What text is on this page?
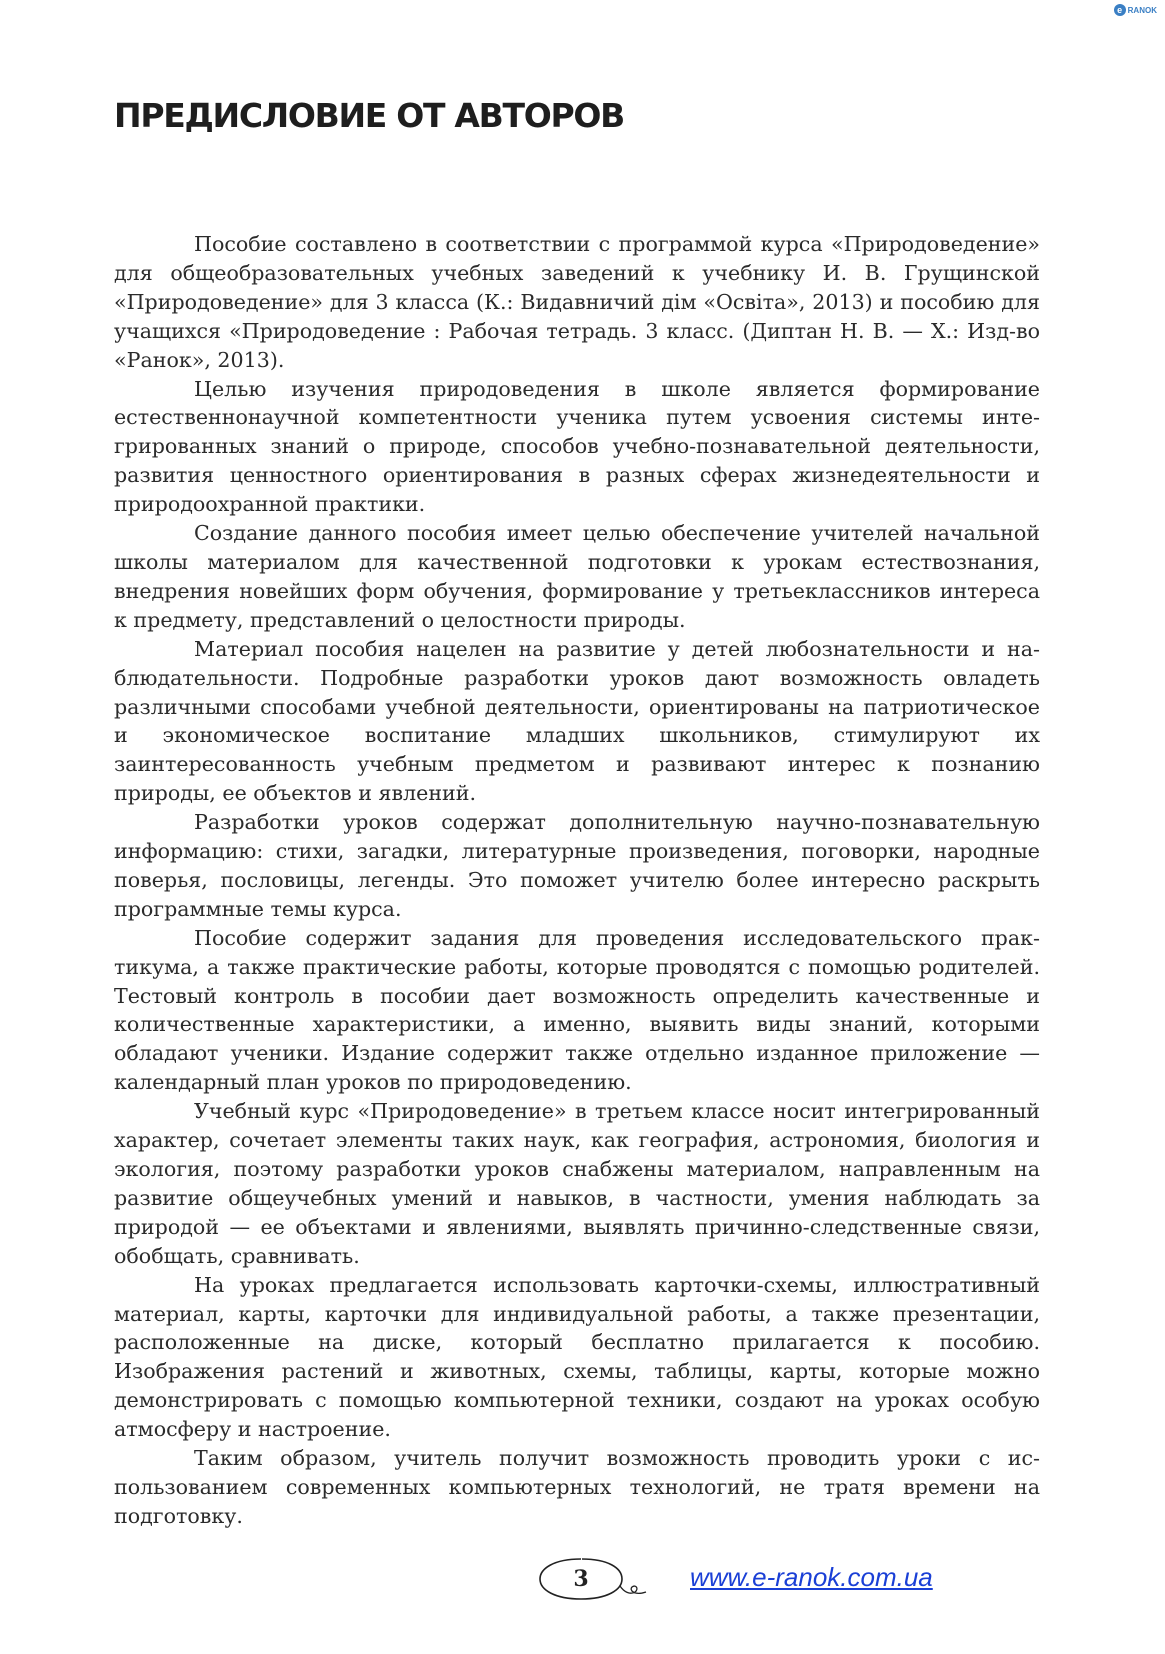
e RANOK
ПРЕДИСЛОВИЕ ОТ АВТОРОВ

Пособие составлено в соответствии с программой курса «Природоведение» для общеобразовательных учебных заведений к учебнику И. В. Грущинской «Природоведение» для 3 класса (К.: Видавничий дім «Освіта», 2013) и пособию для учащихся «Природоведение : Рабочая тетрадь. 3 класс. (Диптан Н. В. — Х.: Изд-во «Ранок», 2013).

Целью изучения природоведения в школе является формирование естественнонаучной компетентности ученика путем усвоения системы интегрированных знаний о природе, способов учебно-познавательной деятельности, развития ценностного ориентирования в разных сферах жизнедеятельности и природоохранной практики.

Создание данного пособия имеет целью обеспечение учителей начальной школы материалом для качественной подготовки к урокам естествознания, внедрения новейших форм обучения, формирование у третьеклассников интереса к предмету, представлений о целостности природы.

Материал пособия нацелен на развитие у детей любознательности и наблюдательности. Подробные разработки уроков дают возможность овладеть различными способами учебной деятельности, ориентированы на патриотическое и экономическое воспитание младших школьников, стимулируют их заинтересованность учебным предметом и развивают интерес к познанию природы, ее объектов и явлений.

Разработки уроков содержат дополнительную научно-познавательную информацию: стихи, загадки, литературные произведения, поговорки, народные поверья, пословицы, легенды. Это поможет учителю более интересно раскрыть программные темы курса.

Пособие содержит задания для проведения исследовательского практикума, а также практические работы, которые проводятся с помощью родителей. Тестовый контроль в пособии дает возможность определить качественные и количественные характеристики, а именно, выявить виды знаний, которыми обладают ученики. Издание содержит также отдельно изданное приложение — календарный план уроков по природоведению.

Учебный курс «Природоведение» в третьем классе носит интегрированный характер, сочетает элементы таких наук, как география, астрономия, биология и экология, поэтому разработки уроков снабжены материалом, направленным на развитие общеучебных умений и навыков, в частности, умения наблюдать за природой — ее объектами и явлениями, выявлять причинно-следственные связи, обобщать, сравнивать.

На уроках предлагается использовать карточки-схемы, иллюстративный материал, карты, карточки для индивидуальной работы, а также презентации, расположенные на диске, который бесплатно прилагается к пособию. Изображения растений и животных, схемы, таблицы, карты, которые можно демонстрировать с помощью компьютерной техники, создают на уроках особую атмосферу и настроение.

Таким образом, учитель получит возможность проводить уроки с использованием современных компьютерных технологий, не тратя времени на подготовку.

3	www.e-ranok.com.ua
